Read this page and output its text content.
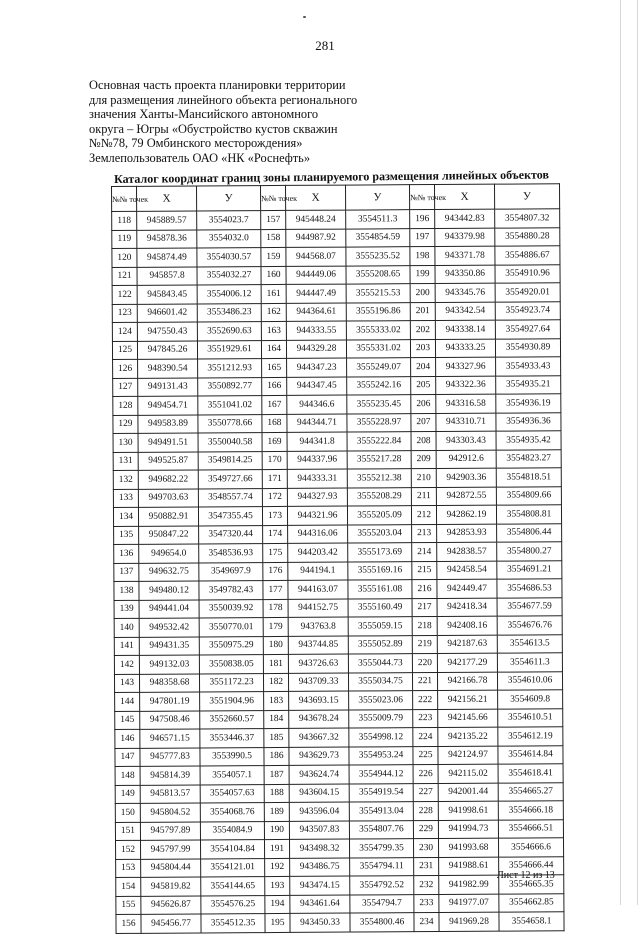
281
Основная часть проекта планировки территории
для размещения линейного объекта регионального
значения Ханты-Мансийского автономного
округа – Югры «Обустройство кустов скважин
№№78, 79 Омбинского месторождения»
Землепользователь ОАО «НК «Роснефть»
Каталог координат границ зоны планируемого размещения линейных объектов
№№ точек	X	У	№№ точек	X	У	№№ точек	X	У
118	945889.57	3554023.7	157	945448.24	3554511.3	196	943442.83	3554807.32
119	945878.36	3554032.0	158	944987.92	3554854.59	197	943379.98	3554880.28
120	945874.49	3554030.57	159	944568.07	3555235.52	198	943371.78	3554886.67
121	945857.8	3554032.27	160	944449.06	3555208.65	199	943350.86	3554910.96
122	945843.45	3554006.12	161	944447.49	3555215.53	200	943345.76	3554920.01
123	946601.42	3553486.23	162	944364.61	3555196.86	201	943342.54	3554923.74
124	947550.43	3552690.63	163	944333.55	3555333.02	202	943338.14	3554927.64
125	947845.26	3551929.61	164	944329.28	3555331.02	203	943333.25	3554930.89
126	948390.54	3551212.93	165	944347.23	3555249.07	204	943327.96	3554933.43
127	949131.43	3550892.77	166	944347.45	3555242.16	205	943322.36	3554935.21
128	949454.71	3551041.02	167	944346.6	3555235.45	206	943316.58	3554936.19
129	949583.89	3550778.66	168	944344.71	3555228.97	207	943310.71	3554936.36
130	949491.51	3550040.58	169	944341.8	3555222.84	208	943303.43	3554935.42
131	949525.87	3549814.25	170	944337.96	3555217.28	209	942912.6	3554823.27
132	949682.22	3549727.66	171	944333.31	3555212.38	210	942903.36	3554818.51
133	949703.63	3548557.74	172	944327.93	3555208.29	211	942872.55	3554809.66
134	950882.91	3547355.45	173	944321.96	3555205.09	212	942862.19	3554808.81
135	950847.22	3547320.44	174	944316.06	3555203.04	213	942853.93	3554806.44
136	949654.0	3548536.93	175	944203.42	3555173.69	214	942838.57	3554800.27
137	949632.75	3549697.9	176	944194.1	3555169.16	215	942458.54	3554691.21
138	949480.12	3549782.43	177	944163.07	3555161.08	216	942449.47	3554686.53
139	949441.04	3550039.92	178	944152.75	3555160.49	217	942418.34	3554677.59
140	949532.42	3550770.01	179	943763.8	3555059.15	218	942408.16	3554676.76
141	949431.35	3550975.29	180	943744.85	3555052.89	219	942187.63	3554613.5
142	949132.03	3550838.05	181	943726.63	3555044.73	220	942177.29	3554611.3
143	948358.68	3551172.23	182	943709.33	3555034.75	221	942166.78	3554610.06
144	947801.19	3551904.96	183	943693.15	3555023.06	222	942156.21	3554609.8
145	947508.46	3552660.57	184	943678.24	3555009.79	223	942145.66	3554610.51
146	946571.15	3553446.37	185	943667.32	3554998.12	224	942135.22	3554612.19
147	945777.83	3553990.5	186	943629.73	3554953.24	225	942124.97	3554614.84
148	945814.39	3554057.1	187	943624.74	3554944.12	226	942115.02	3554618.41
149	945813.57	3554057.63	188	943604.15	3554919.54	227	942001.44	3554665.27
150	945804.52	3554068.76	189	943596.04	3554913.04	228	941998.61	3554666.18
151	945797.89	3554084.9	190	943507.83	3554807.76	229	941994.73	3554666.51
152	945797.99	3554104.84	191	943498.32	3554799.35	230	941993.68	3554666.6
153	945804.44	3554121.01	192	943486.75	3554794.11	231	941988.61	3554666.44
154	945819.82	3554144.65	193	943474.15	3554792.52	232	941982.99	3554665.35
155	945626.87	3554576.25	194	943461.64	3554794.7	233	941977.07	3554662.85
156	945456.77	3554512.35	195	943450.33	3554800.46	234	941969.28	3554658.1
Лист 12 из 13
